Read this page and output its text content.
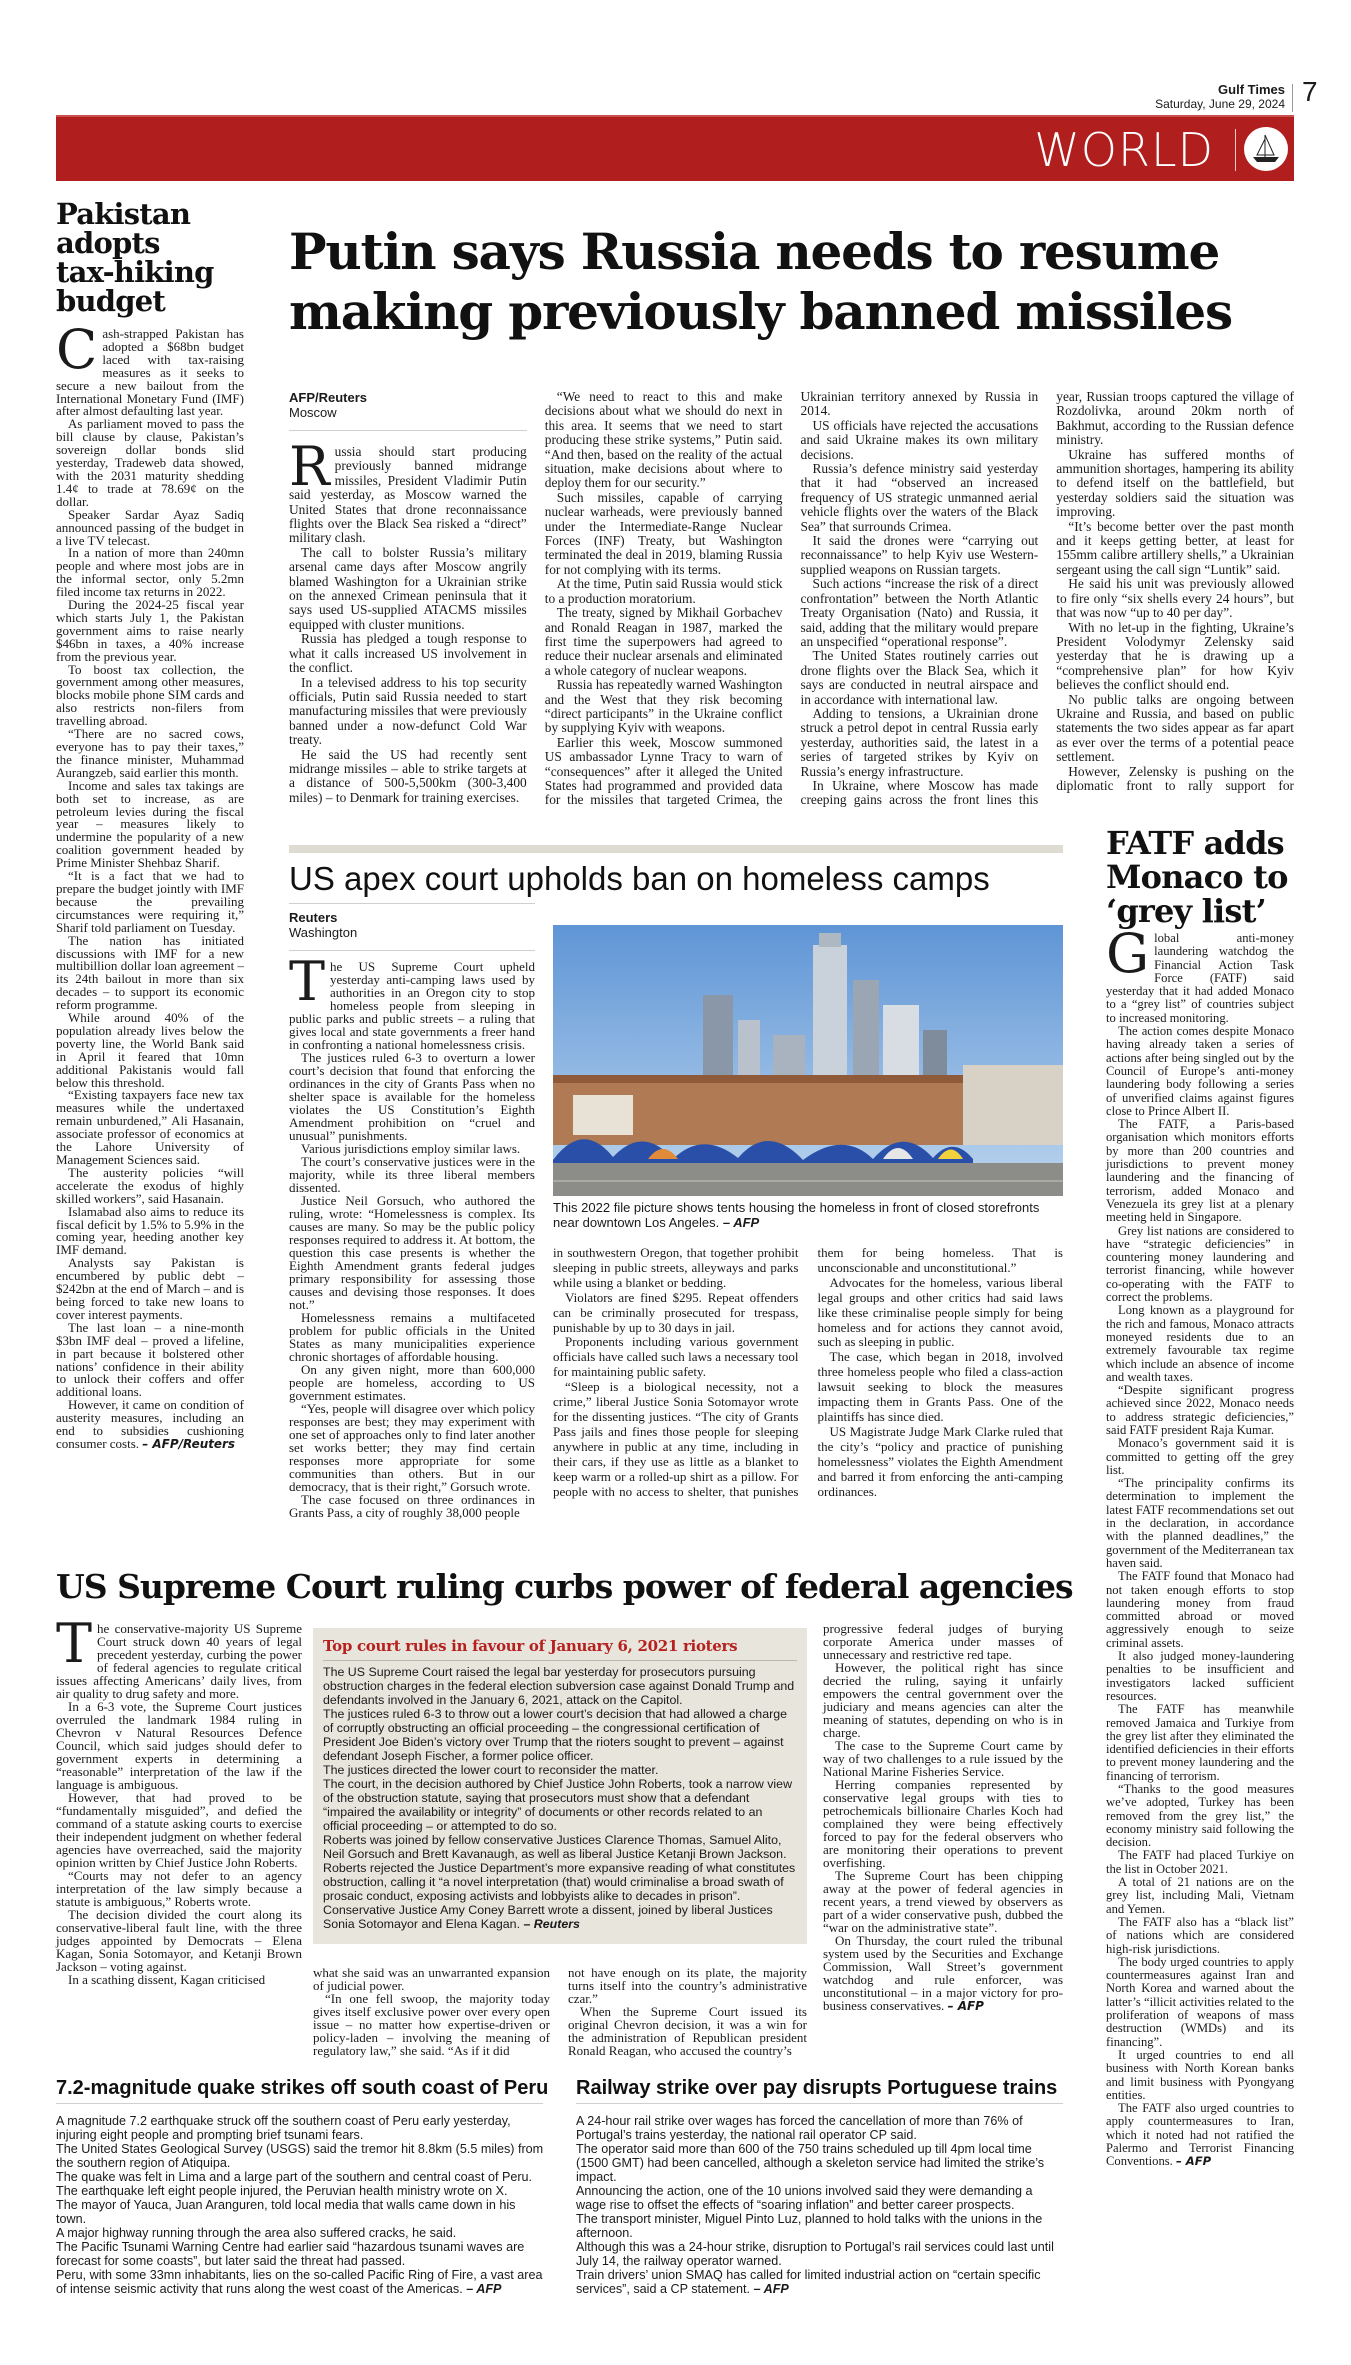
Gulf Times
Saturday, June 29, 2024 7
WORLD
Pakistan
adopts
tax-hiking
budget

Cash-strapped Pakistan has adopted a $68bn budget laced with tax-raising measures as it seeks to secure a new bailout from the International Monetary Fund (IMF) after almost defaulting last year.

As parliament moved to pass the bill clause by clause, Pakistan’s sovereign dollar bonds slid yesterday, Tradeweb data showed, with the 2031 maturity shedding 1.4¢ to trade at 78.69¢ on the dollar.

Speaker Sardar Ayaz Sadiq announced passing of the budget in a live TV telecast.

In a nation of more than 240mn people and where most jobs are in the informal sector, only 5.2mn filed income tax returns in 2022.

During the 2024-25 fiscal year which starts July 1, the Pakistan government aims to raise nearly $46bn in taxes, a 40% increase from the previous year.

To boost tax collection, the government among other measures, blocks mobile phone SIM cards and also restricts non-filers from travelling abroad.

“There are no sacred cows, everyone has to pay their taxes,” the finance minister, Muhammad Aurangzeb, said earlier this month.

Income and sales tax takings are both set to increase, as are petroleum levies during the fiscal year – measures likely to undermine the popularity of a new coalition government headed by Prime Minister Shehbaz Sharif.

“It is a fact that we had to prepare the budget jointly with IMF because the prevailing circumstances were requiring it,” Sharif told parliament on Tuesday.

The nation has initiated discussions with IMF for a new multibillion dollar loan agreement – its 24th bailout in more than six decades – to support its economic reform programme.

While around 40% of the population already lives below the poverty line, the World Bank said in April it feared that 10mn additional Pakistanis would fall below this threshold.

“Existing taxpayers face new tax measures while the undertaxed remain unburdened,” Ali Hasanain, associate professor of economics at the Lahore University of Management Sciences said.

The austerity policies “will accelerate the exodus of highly skilled workers”, said Hasanain.

Islamabad also aims to reduce its fiscal deficit by 1.5% to 5.9% in the coming year, heeding another key IMF demand.

Analysts say Pakistan is encumbered by public debt – $242bn at the end of March – and is being forced to take new loans to cover interest payments.

The last loan – a nine-month $3bn IMF deal – proved a lifeline, in part because it bolstered other nations’ confidence in their ability to unlock their coffers and offer additional loans.

However, it came on condition of austerity measures, including an end to subsidies cushioning consumer costs. – AFP/Reuters

Putin says Russia needs to resume
making previously banned missiles
AFP/Reuters
Moscow

Russia should start producing previously banned midrange missiles, President Vladimir Putin said yesterday, as Moscow warned the United States that drone reconnaissance flights over the Black Sea risked a “direct” military clash.

The call to bolster Russia’s military arsenal came days after Moscow angrily blamed Washington for a Ukrainian strike on the annexed Crimean peninsula that it says used US-supplied ATACMS missiles equipped with cluster munitions.

Russia has pledged a tough response to what it calls increased US involvement in the conflict.

In a televised address to his top security officials, Putin said Russia needed to start manufacturing missiles that were previously banned under a now-defunct Cold War treaty.

He said the US had recently sent midrange missiles – able to strike targets at a distance of 500-5,500km (300-3,400 miles) – to Denmark for training exercises.

“We need to react to this and make decisions about what we should do next in this area. It seems that we need to start producing these strike systems,” Putin said. “And then, based on the reality of the actual situation, make decisions about where to deploy them for our security.”

Such missiles, capable of carrying nuclear warheads, were previously banned under the Intermediate-Range Nuclear Forces (INF) Treaty, but Washington terminated the deal in 2019, blaming Russia for not complying with its terms.

At the time, Putin said Russia would stick to a production moratorium.

The treaty, signed by Mikhail Gorbachev and Ronald Reagan in 1987, marked the first time the superpowers had agreed to reduce their nuclear arsenals and eliminated a whole category of nuclear weapons.

Russia has repeatedly warned Washington and the West that they risk becoming “direct participants” in the Ukraine conflict by supplying Kyiv with weapons.

Earlier this week, Moscow summoned US ambassador Lynne Tracy to warn of “consequences” after it alleged the United States had programmed and provided data for the missiles that targeted Crimea, the Ukrainian territory annexed by Russia in 2014.

US officials have rejected the accusations and said Ukraine makes its own military decisions.

Russia’s defence ministry said yesterday that it had “observed an increased frequency of US strategic unmanned aerial vehicle flights over the waters of the Black Sea” that surrounds Crimea.

It said the drones were “carrying out reconnaissance” to help Kyiv use Western-supplied weapons on Russian targets.

Such actions “increase the risk of a direct confrontation” between the North Atlantic Treaty Organisation (Nato) and Russia, it said, adding that the military would prepare an unspecified “operational response”.

The United States routinely carries out drone flights over the Black Sea, which it says are conducted in neutral airspace and in accordance with international law.

Adding to tensions, a Ukrainian drone struck a petrol depot in central Russia early yesterday, authorities said, the latest in a series of targeted strikes by Kyiv on Russia’s energy infrastructure.

In Ukraine, where Moscow has made creeping gains across the front lines this year, Russian troops captured the village of Rozdolivka, around 20km north of Bakhmut, according to the Russian defence ministry.

Ukraine has suffered months of ammunition shortages, hampering its ability to defend itself on the battlefield, but yesterday soldiers said the situation was improving.

“It’s become better over the past month and it keeps getting better, at least for 155mm calibre artillery shells,” a Ukrainian sergeant using the call sign “Luntik” said.

He said his unit was previously allowed to fire only “six shells every 24 hours”, but that was now “up to 40 per day”.

With no let-up in the fighting, Ukraine’s President Volodymyr Zelensky said yesterday that he is drawing up a “comprehensive plan” for how Kyiv believes the conflict should end.

No public talks are ongoing between Ukraine and Russia, and based on public statements the two sides appear as far apart as ever over the terms of a potential peace settlement.

However, Zelensky is pushing on the diplomatic front to rally support for

US apex court upholds ban on homeless camps
Reuters
Washington

The US Supreme Court upheld yesterday anti-camping laws used by authorities in an Oregon city to stop homeless people from sleeping in public parks and public streets – a ruling that gives local and state governments a freer hand in confronting a national homelessness crisis.

The justices ruled 6-3 to overturn a lower court’s decision that found that enforcing the ordinances in the city of Grants Pass when no shelter space is available for the homeless violates the US Constitution’s Eighth Amendment prohibition on “cruel and unusual” punishments.

Various jurisdictions employ similar laws.

The court’s conservative justices were in the majority, while its three liberal members dissented.

Justice Neil Gorsuch, who authored the ruling, wrote: “Homelessness is complex. Its causes are many. So may be the public policy responses required to address it. At bottom, the question this case presents is whether the Eighth Amendment grants federal judges primary responsibility for assessing those causes and devising those responses. It does not.”

Homelessness remains a multifaceted problem for public officials in the United States as many municipalities experience chronic shortages of affordable housing.

On any given night, more than 600,000 people are homeless, according to US government estimates.

“Yes, people will disagree over which policy responses are best; they may experiment with one set of approaches only to find later another set works better; they may find certain responses more appropriate for some communities than others. But in our democracy, that is their right,” Gorsuch wrote.

The case focused on three ordinances in Grants Pass, a city of roughly 38,000 people

This 2022 file picture shows tents housing the homeless in front of closed storefronts near downtown Los Angeles. – AFP

in southwestern Oregon, that together prohibit sleeping in public streets, alleyways and parks while using a blanket or bedding.

Violators are fined $295. Repeat offenders can be criminally prosecuted for trespass, punishable by up to 30 days in jail.

Proponents including various government officials have called such laws a necessary tool for maintaining public safety.

“Sleep is a biological necessity, not a crime,” liberal Justice Sonia Sotomayor wrote for the dissenting justices. “The city of Grants Pass jails and fines those people for sleeping anywhere in public at any time, including in their cars, if they use as little as a blanket to keep warm or a rolled-up shirt as a pillow. For people with no access to shelter, that punishes them for being homeless. That is unconscionable and unconstitutional.”

Advocates for the homeless, various liberal legal groups and other critics had said laws like these criminalise people simply for being homeless and for actions they cannot avoid, such as sleeping in public.

The case, which began in 2018, involved three homeless people who filed a class-action lawsuit seeking to block the measures impacting them in Grants Pass. One of the plaintiffs has since died.

US Magistrate Judge Mark Clarke ruled that the city’s “policy and practice of punishing homelessness” violates the Eighth Amendment and barred it from enforcing the anti-camping ordinances.

FATF adds
Monaco to
‘grey list’

Global anti-money laundering watchdog the Financial Action Task Force (FATF) said yesterday that it had added Monaco to a “grey list” of countries subject to increased monitoring.

The action comes despite Monaco having already taken a series of actions after being singled out by the Council of Europe’s anti-money laundering body following a series of unverified claims against figures close to Prince Albert II.

The FATF, a Paris-based organisation which monitors efforts by more than 200 countries and jurisdictions to prevent money laundering and the financing of terrorism, added Monaco and Venezuela its grey list at a plenary meeting held in Singapore.

Grey list nations are considered to have “strategic deficiencies” in countering money laundering and terrorist financing, while however co-operating with the FATF to correct the problems.

Long known as a playground for the rich and famous, Monaco attracts moneyed residents due to an extremely favourable tax regime which include an absence of income and wealth taxes.

“Despite significant progress achieved since 2022, Monaco needs to address strategic deficiencies,” said FATF president Raja Kumar.

Monaco’s government said it is committed to getting off the grey list.

“The principality confirms its determination to implement the latest FATF recommendations set out in the declaration, in accordance with the planned deadlines,” the government of the Mediterranean tax haven said.

The FATF found that Monaco had not taken enough efforts to stop laundering money from fraud committed abroad or moved aggressively enough to seize criminal assets.

It also judged money-laundering penalties to be insufficient and investigators lacked sufficient resources.

The FATF has meanwhile removed Jamaica and Turkiye from the grey list after they eliminated the identified deficiencies in their efforts to prevent money laundering and the financing of terrorism.

“Thanks to the good measures we’ve adopted, Turkey has been removed from the grey list,” the economy ministry said following the decision.

The FATF had placed Turkiye on the list in October 2021.

A total of 21 nations are on the grey list, including Mali, Vietnam and Yemen.

The FATF also has a “black list” of nations which are considered high-risk jurisdictions.

The body urged countries to apply countermeasures against Iran and North Korea and warned about the latter’s “illicit activities related to the proliferation of weapons of mass destruction (WMDs) and its financing”.

It urged countries to end all business with North Korean banks and limit business with Pyongyang entities.

The FATF also urged countries to apply countermeasures to Iran, which it noted had not ratified the Palermo and Terrorist Financing Conventions. – AFP

US Supreme Court ruling curbs power of federal agencies

The conservative-majority US Supreme Court struck down 40 years of legal precedent yesterday, curbing the power of federal agencies to regulate critical issues affecting Americans’ daily lives, from air quality to drug safety and more.

In a 6-3 vote, the Supreme Court justices overruled the landmark 1984 ruling in Chevron v Natural Resources Defence Council, which said judges should defer to government experts in determining a “reasonable” interpretation of the law if the language is ambiguous.

However, that had proved to be “fundamentally misguided”, and defied the command of a statute asking courts to exercise their independent judgment on whether federal agencies have overreached, said the majority opinion written by Chief Justice John Roberts.

“Courts may not defer to an agency interpretation of the law simply because a statute is ambiguous,” Roberts wrote.

The decision divided the court along its conservative-liberal fault line, with the three judges appointed by Democrats – Elena Kagan, Sonia Sotomayor, and Ketanji Brown Jackson – voting against.

In a scathing dissent, Kagan criticised

Top court rules in favour of January 6, 2021 rioters

The US Supreme Court raised the legal bar yesterday for prosecutors pursuing obstruction charges in the federal election subversion case against Donald Trump and defendants involved in the January 6, 2021, attack on the Capitol.

The justices ruled 6-3 to throw out a lower court’s decision that had allowed a charge of corruptly obstructing an official proceeding – the congressional certification of President Joe Biden’s victory over Trump that the rioters sought to prevent – against defendant Joseph Fischer, a former police officer.

The justices directed the lower court to reconsider the matter.

The court, in the decision authored by Chief Justice John Roberts, took a narrow view of the obstruction statute, saying that prosecutors must show that a defendant “impaired the availability or integrity” of documents or other records related to an official proceeding – or attempted to do so.

Roberts was joined by fellow conservative Justices Clarence Thomas, Samuel Alito, Neil Gorsuch and Brett Kavanaugh, as well as liberal Justice Ketanji Brown Jackson.

Roberts rejected the Justice Department’s more expansive reading of what constitutes obstruction, calling it “a novel interpretation (that) would criminalise a broad swath of prosaic conduct, exposing activists and lobbyists alike to decades in prison”.

Conservative Justice Amy Coney Barrett wrote a dissent, joined by liberal Justices Sonia Sotomayor and Elena Kagan. – Reuters

what she said was an unwarranted expansion of judicial power.

“In one fell swoop, the majority today gives itself exclusive power over every open issue – no matter how expertise-driven or policy-laden – involving the meaning of regulatory law,” she said. “As if it did

not have enough on its plate, the majority turns itself into the country’s administrative czar.”

When the Supreme Court issued its original Chevron decision, it was a win for the administration of Republican president Ronald Reagan, who accused the country’s

progressive federal judges of burying corporate America under masses of unnecessary and restrictive red tape.

However, the political right has since decried the ruling, saying it unfairly empowers the central government over the judiciary and means agencies can alter the meaning of statutes, depending on who is in charge.

The case to the Supreme Court came by way of two challenges to a rule issued by the National Marine Fisheries Service.

Herring companies represented by conservative legal groups with ties to petrochemicals billionaire Charles Koch had complained they were being effectively forced to pay for the federal observers who are monitoring their operations to prevent overfishing.

The Supreme Court has been chipping away at the power of federal agencies in recent years, a trend viewed by observers as part of a wider conservative push, dubbed the “war on the administrative state”.

On Thursday, the court ruled the tribunal system used by the Securities and Exchange Commission, Wall Street’s government watchdog and rule enforcer, was unconstitutional – in a major victory for pro-business conservatives. – AFP

7.2-magnitude quake strikes off south coast of Peru

A magnitude 7.2 earthquake struck off the southern coast of Peru early yesterday, injuring eight people and prompting brief tsunami fears.

The United States Geological Survey (USGS) said the tremor hit 8.8km (5.5 miles) from the southern region of Atiquipa.

The quake was felt in Lima and a large part of the southern and central coast of Peru.

The earthquake left eight people injured, the Peruvian health ministry wrote on X.

The mayor of Yauca, Juan Aranguren, told local media that walls came down in his town.

A major highway running through the area also suffered cracks, he said.

The Pacific Tsunami Warning Centre had earlier said “hazardous tsunami waves are forecast for some coasts”, but later said the threat had passed.

Peru, with some 33mn inhabitants, lies on the so-called Pacific Ring of Fire, a vast area of intense seismic activity that runs along the west coast of the Americas. – AFP

Railway strike over pay disrupts Portuguese trains

A 24-hour rail strike over wages has forced the cancellation of more than 76% of Portugal’s trains yesterday, the national rail operator CP said.

The operator said more than 600 of the 750 trains scheduled up till 4pm local time (1500 GMT) had been cancelled, although a skeleton service had limited the strike’s impact.

Announcing the action, one of the 10 unions involved said they were demanding a wage rise to offset the effects of “soaring inflation” and better career prospects.

The transport minister, Miguel Pinto Luz, planned to hold talks with the unions in the afternoon.

Although this was a 24-hour strike, disruption to Portugal’s rail services could last until July 14, the railway operator warned.

Train drivers’ union SMAQ has called for limited industrial action on “certain specific services”, said a CP statement. – AFP
